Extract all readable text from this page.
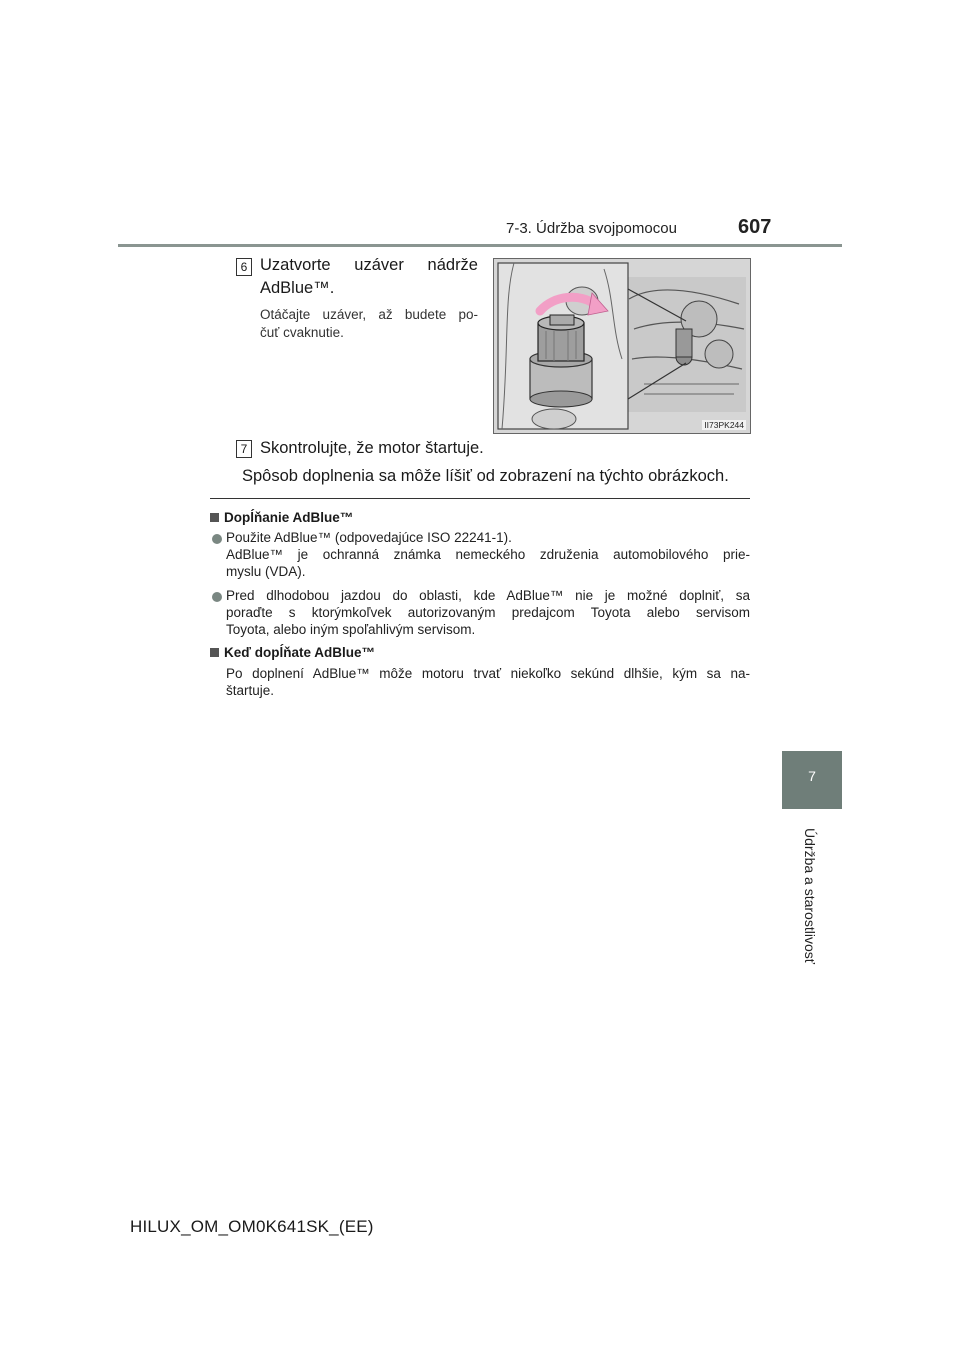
7-3. Údržba svojpomocou	607
7
Údržba a starostlivosť
6 Uzatvorte uzáver nádrže
AdBlue™.
Otáčajte uzáver, až budete po-
čuť cvaknutie.
II73PK244
7 Skontrolujte, že motor štartuje.
Spôsob doplnenia sa môže líšiť od zobrazení na týchto obrázkoch.
Dopĺňanie AdBlue™
Použite AdBlue™ (odpovedajúce ISO 22241-1).
AdBlue™ je ochranná známka nemeckého združenia automobilového prie-
myslu (VDA).
Pred dlhodobou jazdou do oblasti, kde AdBlue™ nie je možné doplniť, sa
poraďte s ktorýmkoľvek autorizovaným predajcom Toyota alebo servisom
Toyota, alebo iným spoľahlivým servisom.
Keď dopĺňate AdBlue™
Po doplnení AdBlue™ môže motoru trvať niekoľko sekúnd dlhšie, kým sa na-
štartuje.
HILUX_OM_OM0K641SK_(EE)
